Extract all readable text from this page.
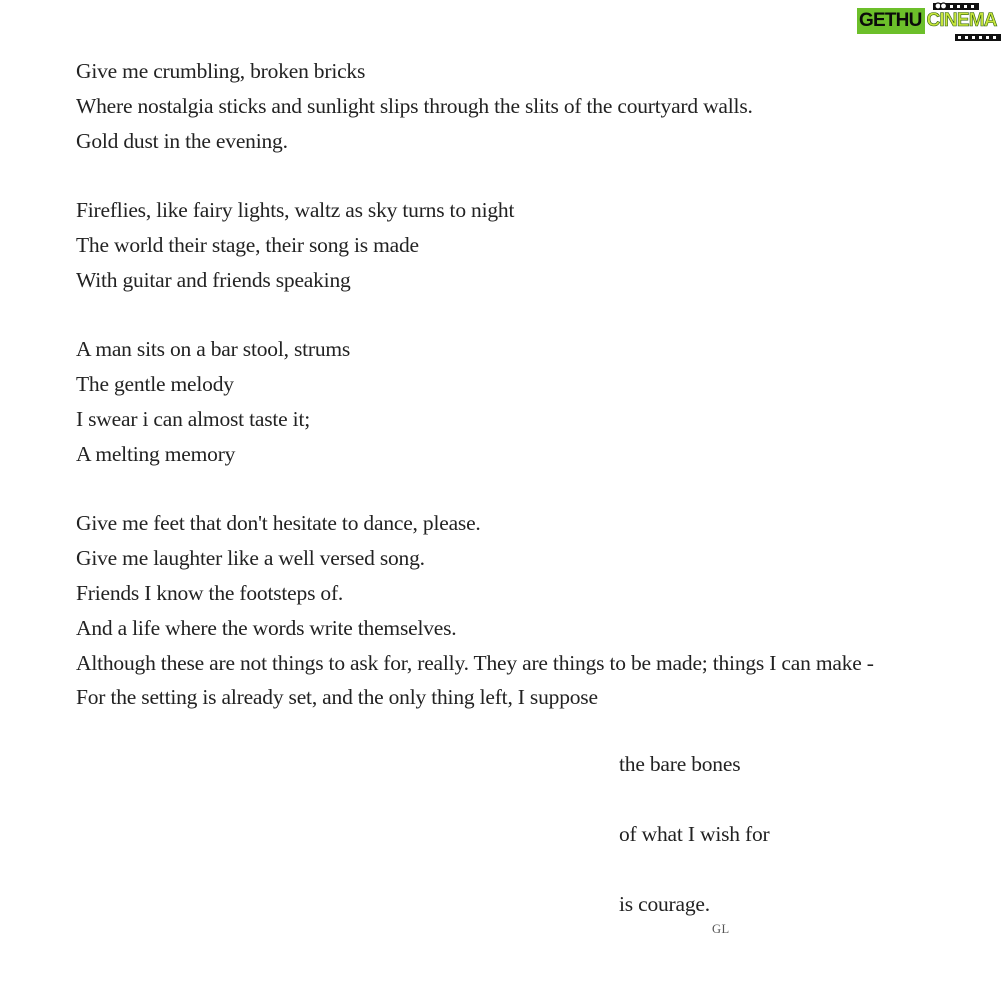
GETHU CINEMA
Give me crumbling, broken bricks
Where nostalgia sticks and sunlight slips through the slits of the courtyard walls.
Gold dust in the evening.
Fireflies, like fairy lights, waltz as sky turns to night
The world their stage, their song is made
With guitar and friends speaking
A man sits on a bar stool, strums
The gentle melody
I swear i can almost taste it;
A melting memory
Give me feet that don't hesitate to dance, please.
Give me laughter like a well versed song.
Friends I know the footsteps of.
And a life where the words write themselves.
Although these are not things to ask for, really. They are things to be made; things I can make -
For the setting is already set, and the only thing left, I suppose
the bare bones
of what I wish for
is courage.
GL
